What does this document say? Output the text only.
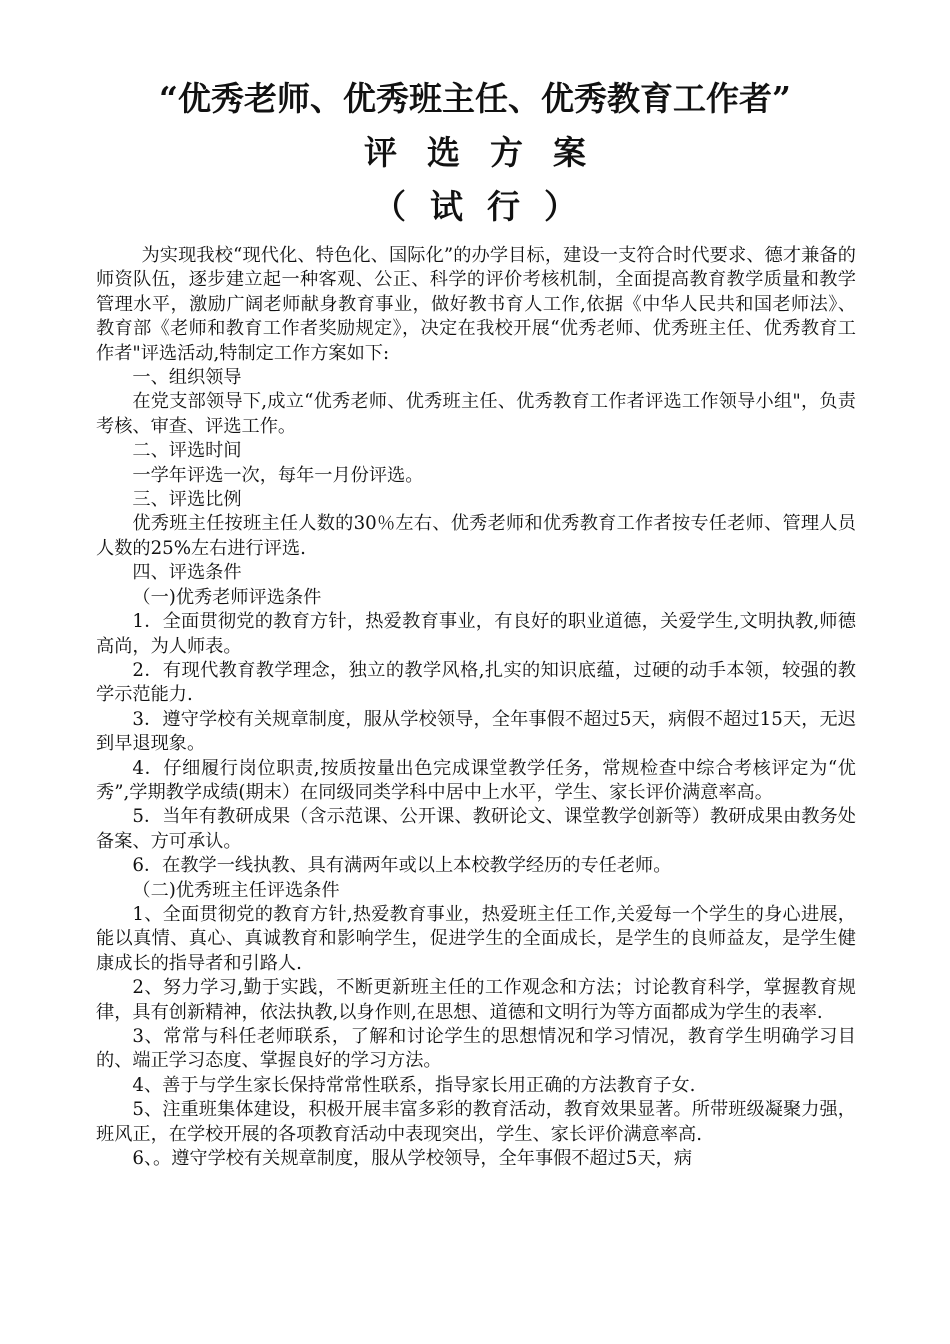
“优秀老师、优秀班主任、优秀教育工作者”
评选方案
（试行）

为实现我校“现代化、特色化、国际化”的办学目标，建设一支符合时代要求、德才兼备的师资队伍，逐步建立起一种客观、公正、科学的评价考核机制，全面提高教育教学质量和教学管理水平，激励广阔老师献身教育事业，做好教书育人工作,依据《中华人民共和国老师法》、教育部《老师和教育工作者奖励规定》，决定在我校开展“优秀老师、优秀班主任、优秀教育工作者"评选活动,特制定工作方案如下:

一、组织领导

在党支部领导下,成立“优秀老师、优秀班主任、优秀教育工作者评选工作领导小组"，负责考核、审查、评选工作。

二、评选时间

一学年评选一次，每年一月份评选。

三、评选比例

优秀班主任按班主任人数的30％左右、优秀老师和优秀教育工作者按专任老师、管理人员人数的25%左右进行评选.

四、评选条件

（一)优秀老师评选条件

1．全面贯彻党的教育方针，热爱教育事业，有良好的职业道德，关爱学生,文明执教,师德高尚，为人师表。

2．有现代教育教学理念，独立的教学风格,扎实的知识底蕴，过硬的动手本领，较强的教学示范能力.

3．遵守学校有关规章制度，服从学校领导，全年事假不超过5天，病假不超过15天，无迟到早退现象。

4．仔细履行岗位职责,按质按量出色完成课堂教学任务，常规检查中综合考核评定为“优秀”,学期教学成绩(期末）在同级同类学科中居中上水平，学生、家长评价满意率高。

5．当年有教研成果（含示范课、公开课、教研论文、课堂教学创新等）教研成果由教务处备案、方可承认。

6．在教学一线执教、具有满两年或以上本校教学经历的专任老师。

（二)优秀班主任评选条件

1、全面贯彻党的教育方针,热爱教育事业，热爱班主任工作,关爱每一个学生的身心进展，能以真情、真心、真诚教育和影响学生，促进学生的全面成长，是学生的良师益友，是学生健康成长的指导者和引路人.

2、努力学习,勤于实践，不断更新班主任的工作观念和方法；讨论教育科学，掌握教育规律，具有创新精神，依法执教,以身作则,在思想、道德和文明行为等方面都成为学生的表率.

3、常常与科任老师联系，了解和讨论学生的思想情况和学习情况，教育学生明确学习目的、端正学习态度、掌握良好的学习方法。

4、善于与学生家长保持常常性联系，指导家长用正确的方法教育子女.

5、注重班集体建设，积极开展丰富多彩的教育活动，教育效果显著。所带班级凝聚力强，班风正，在学校开展的各项教育活动中表现突出，学生、家长评价满意率高.

6、。遵守学校有关规章制度，服从学校领导，全年事假不超过5天，病
